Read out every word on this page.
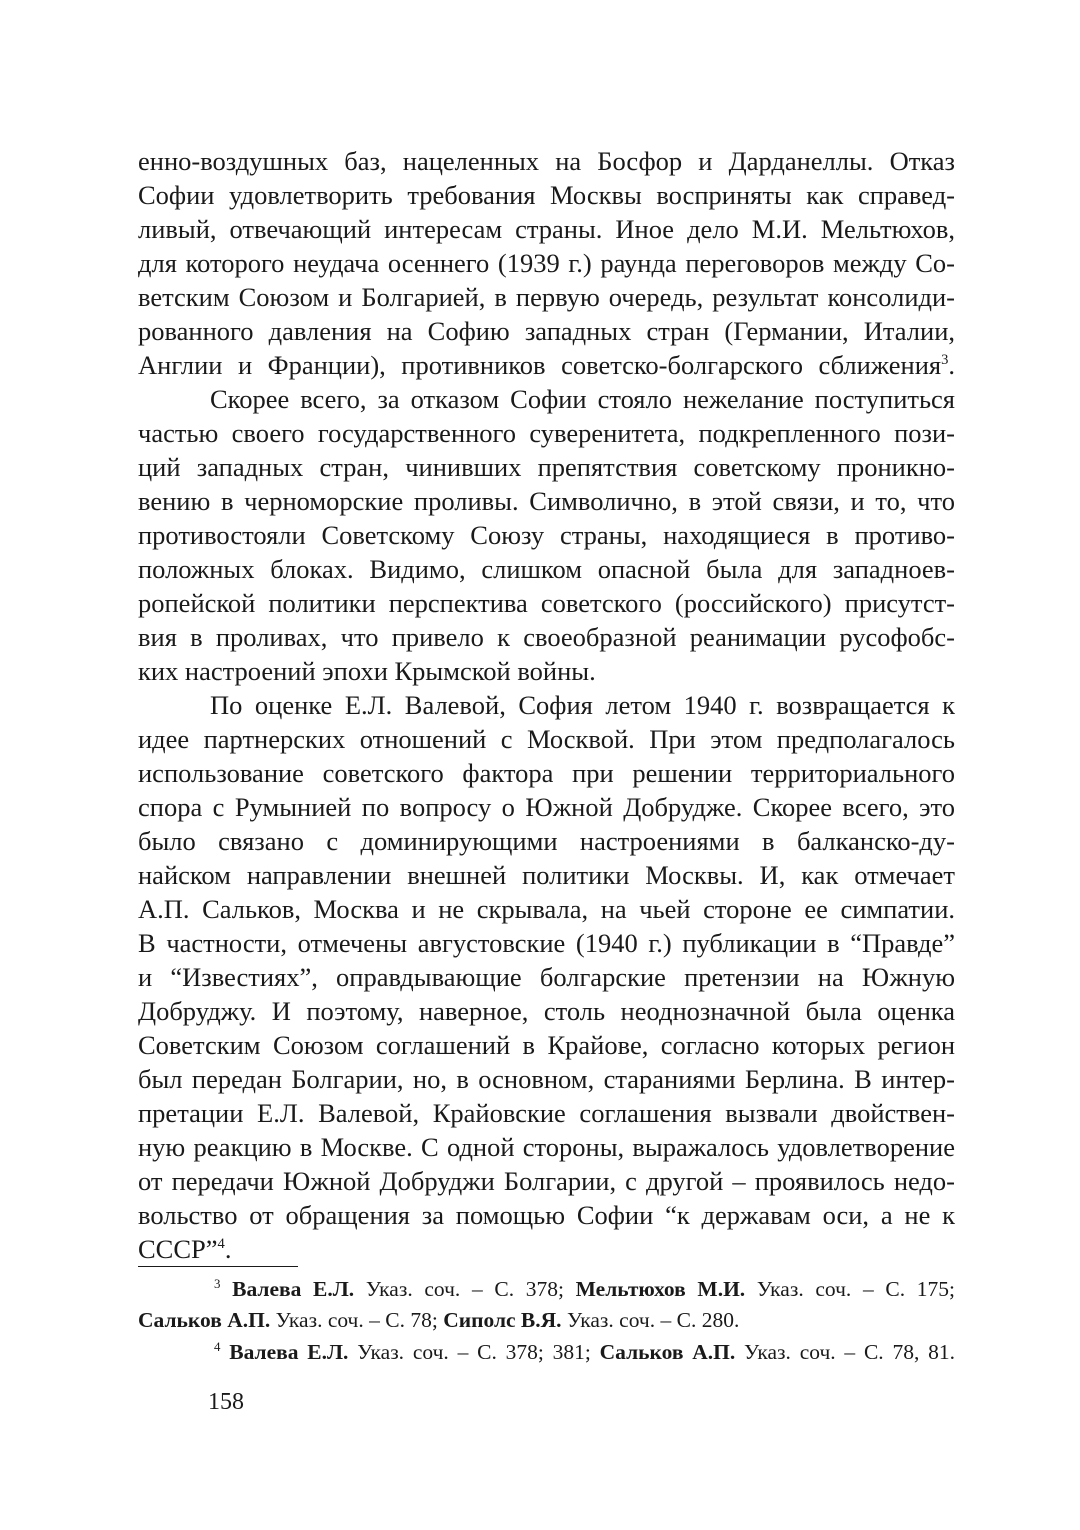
енно-воздушных баз, нацеленных на Босфор и Дарданеллы. Отказ
Софии удовлетворить требования Москвы восприняты как справед-
ливый, отвечающий интересам страны. Иное дело М.И. Мельтюхов,
для которого неудача осеннего (1939 г.) раунда переговоров между Со-
ветским Союзом и Болгарией, в первую очередь, результат консолиди-
рованного давления на Софию западных стран (Германии, Италии,
Англии и Франции), противников советско-болгарского сближения$^3$.
Скорее всего, за отказом Софии стояло нежелание поступиться
частью своего государственного суверенитета, подкрепленного пози-
ций западных стран, чинивших препятствия советскому проникно-
вению в черноморские проливы. Символично, в этой связи, и то, что
противостояли Советскому Союзу страны, находящиеся в противо-
положных блоках. Видимо, слишком опасной была для западноев-
ропейской политики перспектива советского (российского) присутст-
вия в проливах, что привело к своеобразной реанимации русофобс-
ких настроений эпохи Крымской войны.
По оценке Е.Л. Валевой, София летом 1940 г. возвращается к
идее партнерских отношений с Москвой. При этом предполагалось
использование советского фактора при решении территориального
спора с Румынией по вопросу о Южной Добрудже. Скорее всего, это
было связано с доминирующими настроениями в балканско-ду-
найском направлении внешней политики Москвы. И, как отмечает
А.П. Сальков, Москва и не скрывала, на чьей стороне ее симпатии.
В частности, отмечены августовские (1940 г.) публикации в “Правде”
и “Известиях”, оправдывающие болгарские претензии на Южную
Добруджу. И поэтому, наверное, столь неоднозначной была оценка
Советским Союзом соглашений в Крайове, согласно которых регион
был передан Болгарии, но, в основном, стараниями Берлина. В интер-
претации Е.Л. Валевой, Крайовские соглашения вызвали двойствен-
ную реакцию в Москве. С одной стороны, выражалось удовлетворение
от передачи Южной Добруджи Болгарии, с другой – проявилось недо-
вольство от обращения за помощью Софии “к державам оси, а не к
СССР”$^4$.
$^3$ Валева Е.Л. Указ. соч. – С. 378; Мельтюхов М.И. Указ. соч. – С. 175;
Сальков А.П. Указ. соч. – С. 78; Сиполс В.Я. Указ. соч. – С. 280.
$^4$ Валева Е.Л. Указ. соч. – С. 378; 381; Сальков А.П. Указ. соч. – С. 78, 81.
158
